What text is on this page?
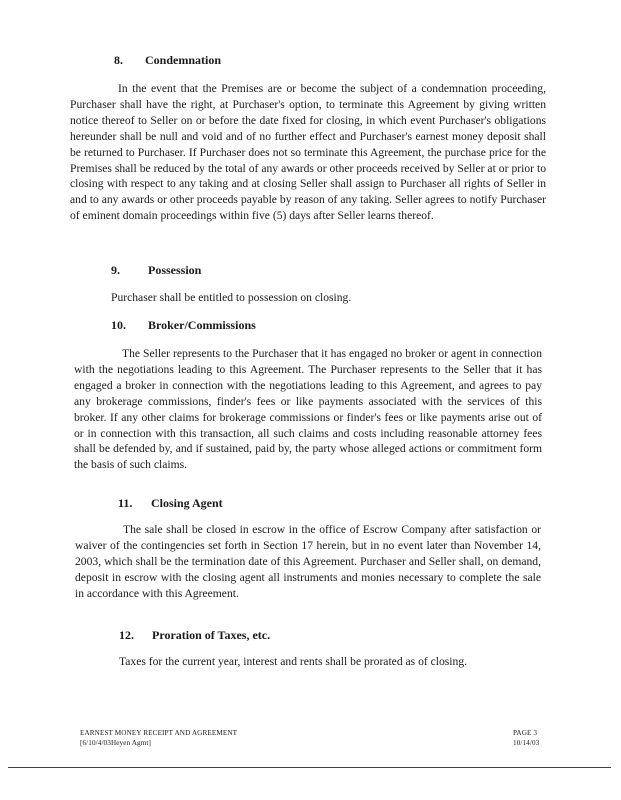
8. Condemnation
In the event that the Premises are or become the subject of a condemnation proceeding, Purchaser shall have the right, at Purchaser's option, to terminate this Agreement by giving written notice thereof to Seller on or before the date fixed for closing, in which event Purchaser's obligations hereunder shall be null and void and of no further effect and Purchaser's earnest money deposit shall be returned to Purchaser. If Purchaser does not so terminate this Agreement, the purchase price for the Premises shall be reduced by the total of any awards or other proceeds received by Seller at or prior to closing with respect to any taking and at closing Seller shall assign to Purchaser all rights of Seller in and to any awards or other proceeds payable by reason of any taking. Seller agrees to notify Purchaser of eminent domain proceedings within five (5) days after Seller learns thereof.
9. Possession
Purchaser shall be entitled to possession on closing.
10. Broker/Commissions
The Seller represents to the Purchaser that it has engaged no broker or agent in connection with the negotiations leading to this Agreement. The Purchaser represents to the Seller that it has engaged a broker in connection with the negotiations leading to this Agreement, and agrees to pay any brokerage commissions, finder's fees or like payments associated with the services of this broker. If any other claims for brokerage commissions or finder's fees or like payments arise out of or in connection with this transaction, all such claims and costs including reasonable attorney fees shall be defended by, and if sustained, paid by, the party whose alleged actions or commitment form the basis of such claims.
11. Closing Agent
The sale shall be closed in escrow in the office of Escrow Company after satisfaction or waiver of the contingencies set forth in Section 17 herein, but in no event later than November 14, 2003, which shall be the termination date of this Agreement. Purchaser and Seller shall, on demand, deposit in escrow with the closing agent all instruments and monies necessary to complete the sale in accordance with this Agreement.
12. Proration of Taxes, etc.
Taxes for the current year, interest and rents shall be prorated as of closing.
EARNEST MONEY RECEIPT AND AGREEMENT
[6/10/4/03Heyen Agmt]
PAGE 3
10/14/03
